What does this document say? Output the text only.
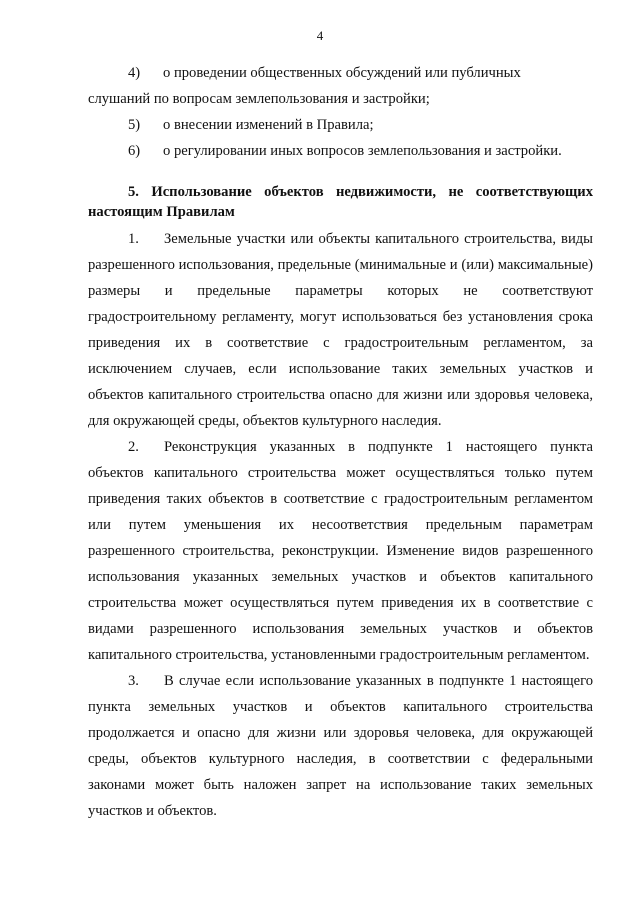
4
4)	о проведении общественных обсуждений или публичных

слушаний по вопросам землепользования и застройки;

5)	о внесении изменений в Правила;
6)	о регулировании иных вопросов землепользования и застройки.

5. Использование объектов недвижимости, не соответствующих настоящим Правилам

1. Земельные участки или объекты капитального строительства, виды разрешенного использования, предельные (минимальные и (или) максимальные) размеры и предельные параметры которых не соответствуют градостроительному регламенту, могут использоваться без установления срока приведения их в соответствие с градостроительным регламентом, за исключением случаев, если использование таких земельных участков и объектов капитального строительства опасно для жизни или здоровья человека, для окружающей среды, объектов культурного наследия.

2. Реконструкция указанных в подпункте 1 настоящего пункта объектов капитального строительства может осуществляться только путем приведения таких объектов в соответствие с градостроительным регламентом или путем уменьшения их несоответствия предельным параметрам разрешенного строительства, реконструкции. Изменение видов разрешенного использования указанных земельных участков и объектов капитального строительства может осуществляться путем приведения их в соответствие с видами разрешенного использования земельных участков и объектов капитального строительства, установленными градостроительным регламентом.

3. В случае если использование указанных в подпункте 1 настоящего пункта земельных участков и объектов капитального строительства продолжается и опасно для жизни или здоровья человека, для окружающей среды, объектов культурного наследия, в соответствии с федеральными законами может быть наложен запрет на использование таких земельных участков и объектов.
